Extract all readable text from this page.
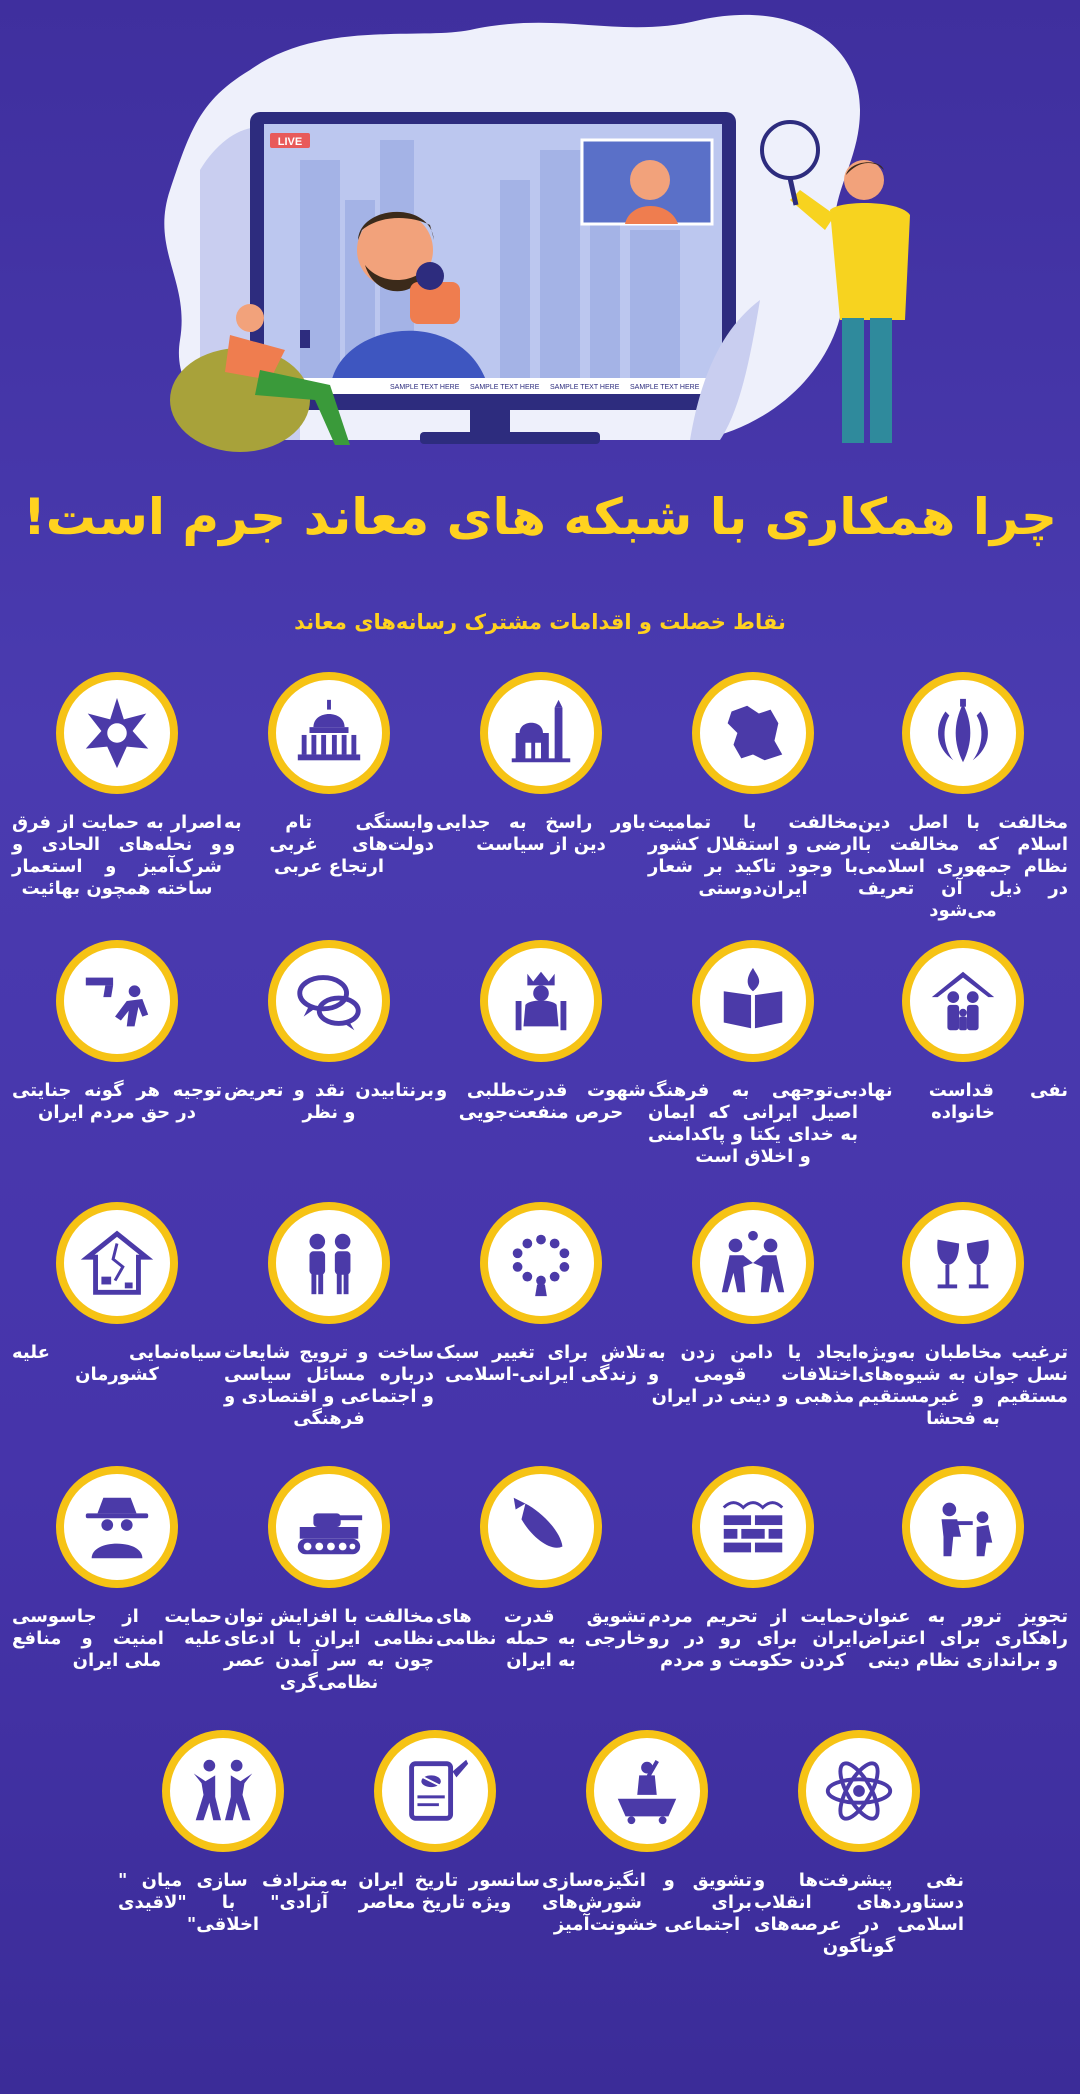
LIVE
SAMPLE TEXT HERE SAMPLE TEXT HERE SAMPLE TEXT HERE SAMPLE TEXT HERE
چرا همکاری با شبکه های معاند جرم است!
نقاط خصلت و اقدامات مشترک رسانه‌های معاند
مخالفت با اصل دین اسلام که مخالفت با نظام جمهوری اسلامی در ذیل آن تعریف می‌شود
مخالفت با تمامیت ارضی و استقلال کشور با وجود تاکید بر شعار ایران‌دوستی
باور راسخ به جدایی دین از سیاست
وابستگی تام به دولت‌های غربی و ارتجاع عربی
اصرار به حمایت از فرق و نحله‌های الحادی و شرک‌آمیز و استعمار ساخته همچون بهائیت
نفی قداست نهاد خانواده
بی‌توجهی به فرهنگ اصیل ایرانی که ایمان به خدای یکتا و پاکدامنی و اخلاق است
شهوت قدرت‌طلبی و حرص منفعت‌جویی
برنتابیدن نقد و تعریض و نظر
توجیه هر گونه جنایتی در حق مردم ایران
ترغیب مخاطبان به‌ویژه نسل جوان به شیوه‌های مستقیم و غیرمستقیم به فحشا
ایجاد یا دامن زدن به اختلافات قومی و مذهبی و دینی در ایران
تلاش برای تغییر سبک زندگی ایرانی-اسلامی
ساخت و ترویج شایعات درباره مسائل سیاسی و اجتماعی و اقتصادی و فرهنگی
سیاه‌نمایی علیه کشورمان
تجویز ترور به عنوان راهکاری برای اعتراض و براندازی نظام دینی
حمایت از تحریم مردم ایران برای رو در رو کردن حکومت و مردم
تشویق قدرت های خارجی به حمله نظامی به ایران
مخالفت با افزایش توان نظامی ایران با ادعای چون به سر آمدن عصر نظامی‌گری
حمایت از جاسوسی علیه امنیت و منافع ملی ایران
نفی پیشرفت‌ها و دستاوردهای انقلاب اسلامی در عرصه‌های گوناگون
تشویق و انگیزه‌سازی برای شورش‌های اجتماعی خشونت‌آمیز
سانسور تاریخ ایران به ویژه تاریخ معاصر
مترادف سازی میان " آزادی" با "لاقیدی اخلاقی"
